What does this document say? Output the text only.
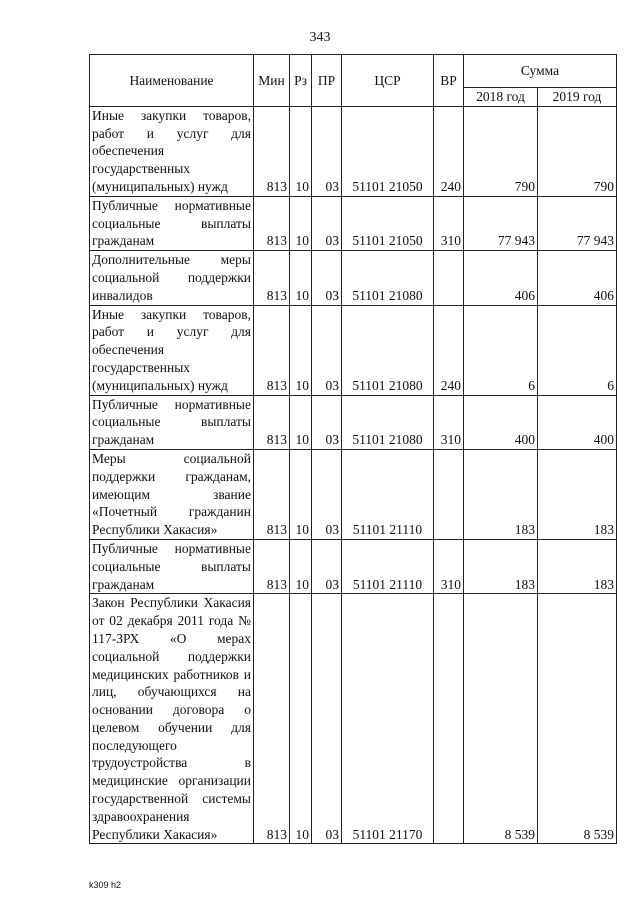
343
Наименование	Мин	Рз	ПР	ЦСР	ВР	Сумма	
						2018 год	2019 год
Иные закупки товаров, работ и услуг для обеспечения государственных (муниципальных) нужд	813	10	03	51101 21050	240	790	790
Публичные нормативные социальные выплаты гражданам	813	10	03	51101 21050	310	77 943	77 943
Дополнительные меры социальной поддержки инвалидов	813	10	03	51101 21080		406	406
Иные закупки товаров, работ и услуг для обеспечения государственных (муниципальных) нужд	813	10	03	51101 21080	240	6	6
Публичные нормативные социальные выплаты гражданам	813	10	03	51101 21080	310	400	400
Меры социальной поддержки гражданам, имеющим звание «Почетный гражданин Республики Хакасия»	813	10	03	51101 21110		183	183
Публичные нормативные социальные выплаты гражданам	813	10	03	51101 21110	310	183	183
Закон Республики Хакасия от 02 декабря 2011 года № 117-ЗРХ «О мерах социальной поддержки медицинских работников и лиц, обучающихся на основании договора о целевом обучении для последующего трудоустройства в медицинские организации государственной системы здравоохранения Республики Хакасия»	813	10	03	51101 21170		8 539	8 539
k309 h2
